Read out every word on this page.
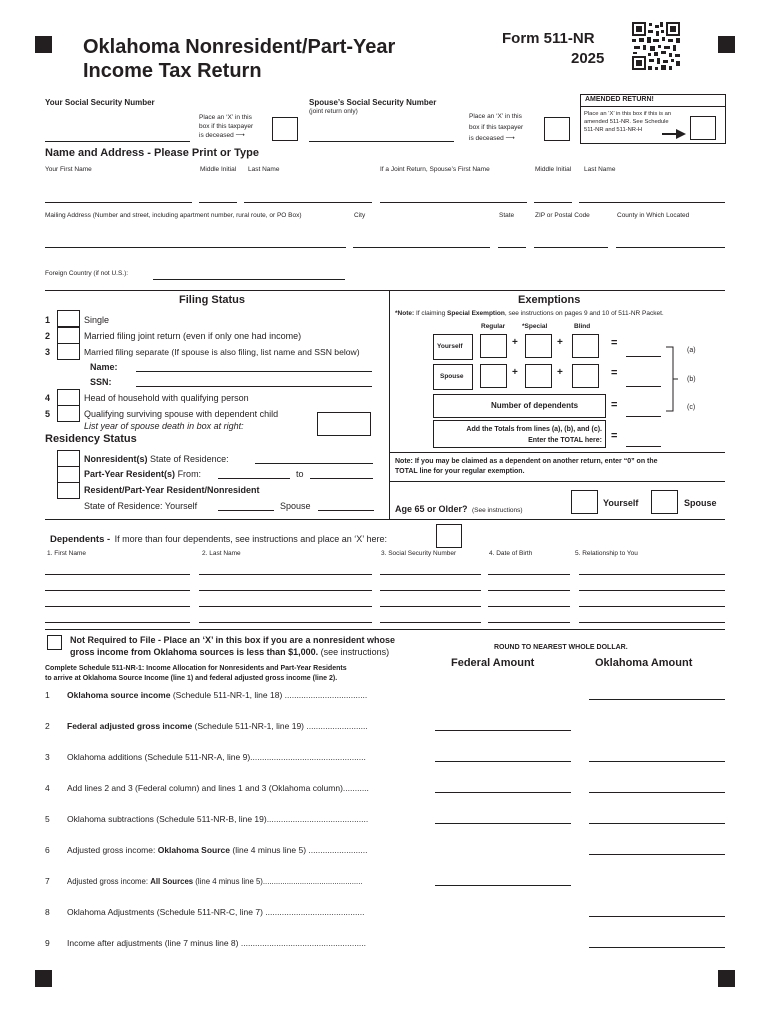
Oklahoma Nonresident/Part-Year
Income Tax Return
Form 511-NR
2025
Your Social Security Number
Place an ‘X’ in this
box if this taxpayer
is deceased ⟶
Spouse’s Social Security Number
(joint return only)
Place an ‘X’ in this
box if this taxpayer
is deceased ⟶
AMENDED RETURN!
Place an ‘X’ in this box if this is an
amended 511-NR. See Schedule
511-NR and 511-NR-H
Name and Address - Please Print or Type
Your First Name	Middle Initial Last Name	If a Joint Return, Spouse’s First Name	Middle Initial Last Name
Mailing Address (Number and street, including apartment number, rural route, or PO Box)	City	State	ZIP or Postal Code	County in Which Located
Foreign Country (if not U.S.):
Filing Status
1	Single
2	Married filing joint return (even if only one had income)
3	Married filing separate (If spouse is also filing, list name and SSN below)
Name:
SSN:
4	Head of household with qualifying person
5	Qualifying surviving spouse with dependent child
List year of spouse death in box at right:
Residency Status
Nonresident(s) State of Residence:
Part-Year Resident(s) From:	to
Resident/Part-Year Resident/Nonresident
State of Residence: Yourself	Spouse
Exemptions
*Note: If claiming Special Exemption, see instructions on pages 9 and 10 of 511-NR Packet.
Regular	*Special	Blind
Yourself	+	+	=
Spouse	+	+	=
Number of dependents	=
(a)
(b)
(c)
Add the Totals from lines (a), (b), and (c).
Enter the TOTAL here: =
Note: If you may be claimed as a dependent on another return, enter “0” on the
TOTAL line for your regular exemption.
Age 65 or Older? (See instructions)
Yourself	Spouse
Dependents - If more than four dependents, see instructions and place an ‘X’ here:
1. First Name	2. Last Name	3. Social Security Number	4. Date of Birth	5. Relationship to You
Not Required to File - Place an ‘X’ in this box if you are a nonresident whose
gross income from Oklahoma sources is less than $1,000. (see instructions)	ROUND TO NEAREST WHOLE DOLLAR.
Federal Amount	Oklahoma Amount
Complete Schedule 511-NR-1: Income Allocation for Nonresidents and Part-Year Residents
to arrive at Oklahoma Source Income (line 1) and federal adjusted gross income (line 2).
1 Oklahoma source income (Schedule 511-NR-1, line 18) ...................................
2 Federal adjusted gross income (Schedule 511-NR-1, line 19) ..........................
3 Oklahoma additions (Schedule 511-NR-A, line 9).................................................
4 Add lines 2 and 3 (Federal column) and lines 1 and 3 (Oklahoma column)...........
5 Oklahoma subtractions (Schedule 511-NR-B, line 19)...........................................
6 Adjusted gross income: Oklahoma Source (line 4 minus line 5) .........................
7 Adjusted gross income: All Sources (line 4 minus line 5)..............................................
8 Oklahoma Adjustments (Schedule 511-NR-C, line 7) ..........................................
9 Income after adjustments (line 7 minus line 8) .....................................................
